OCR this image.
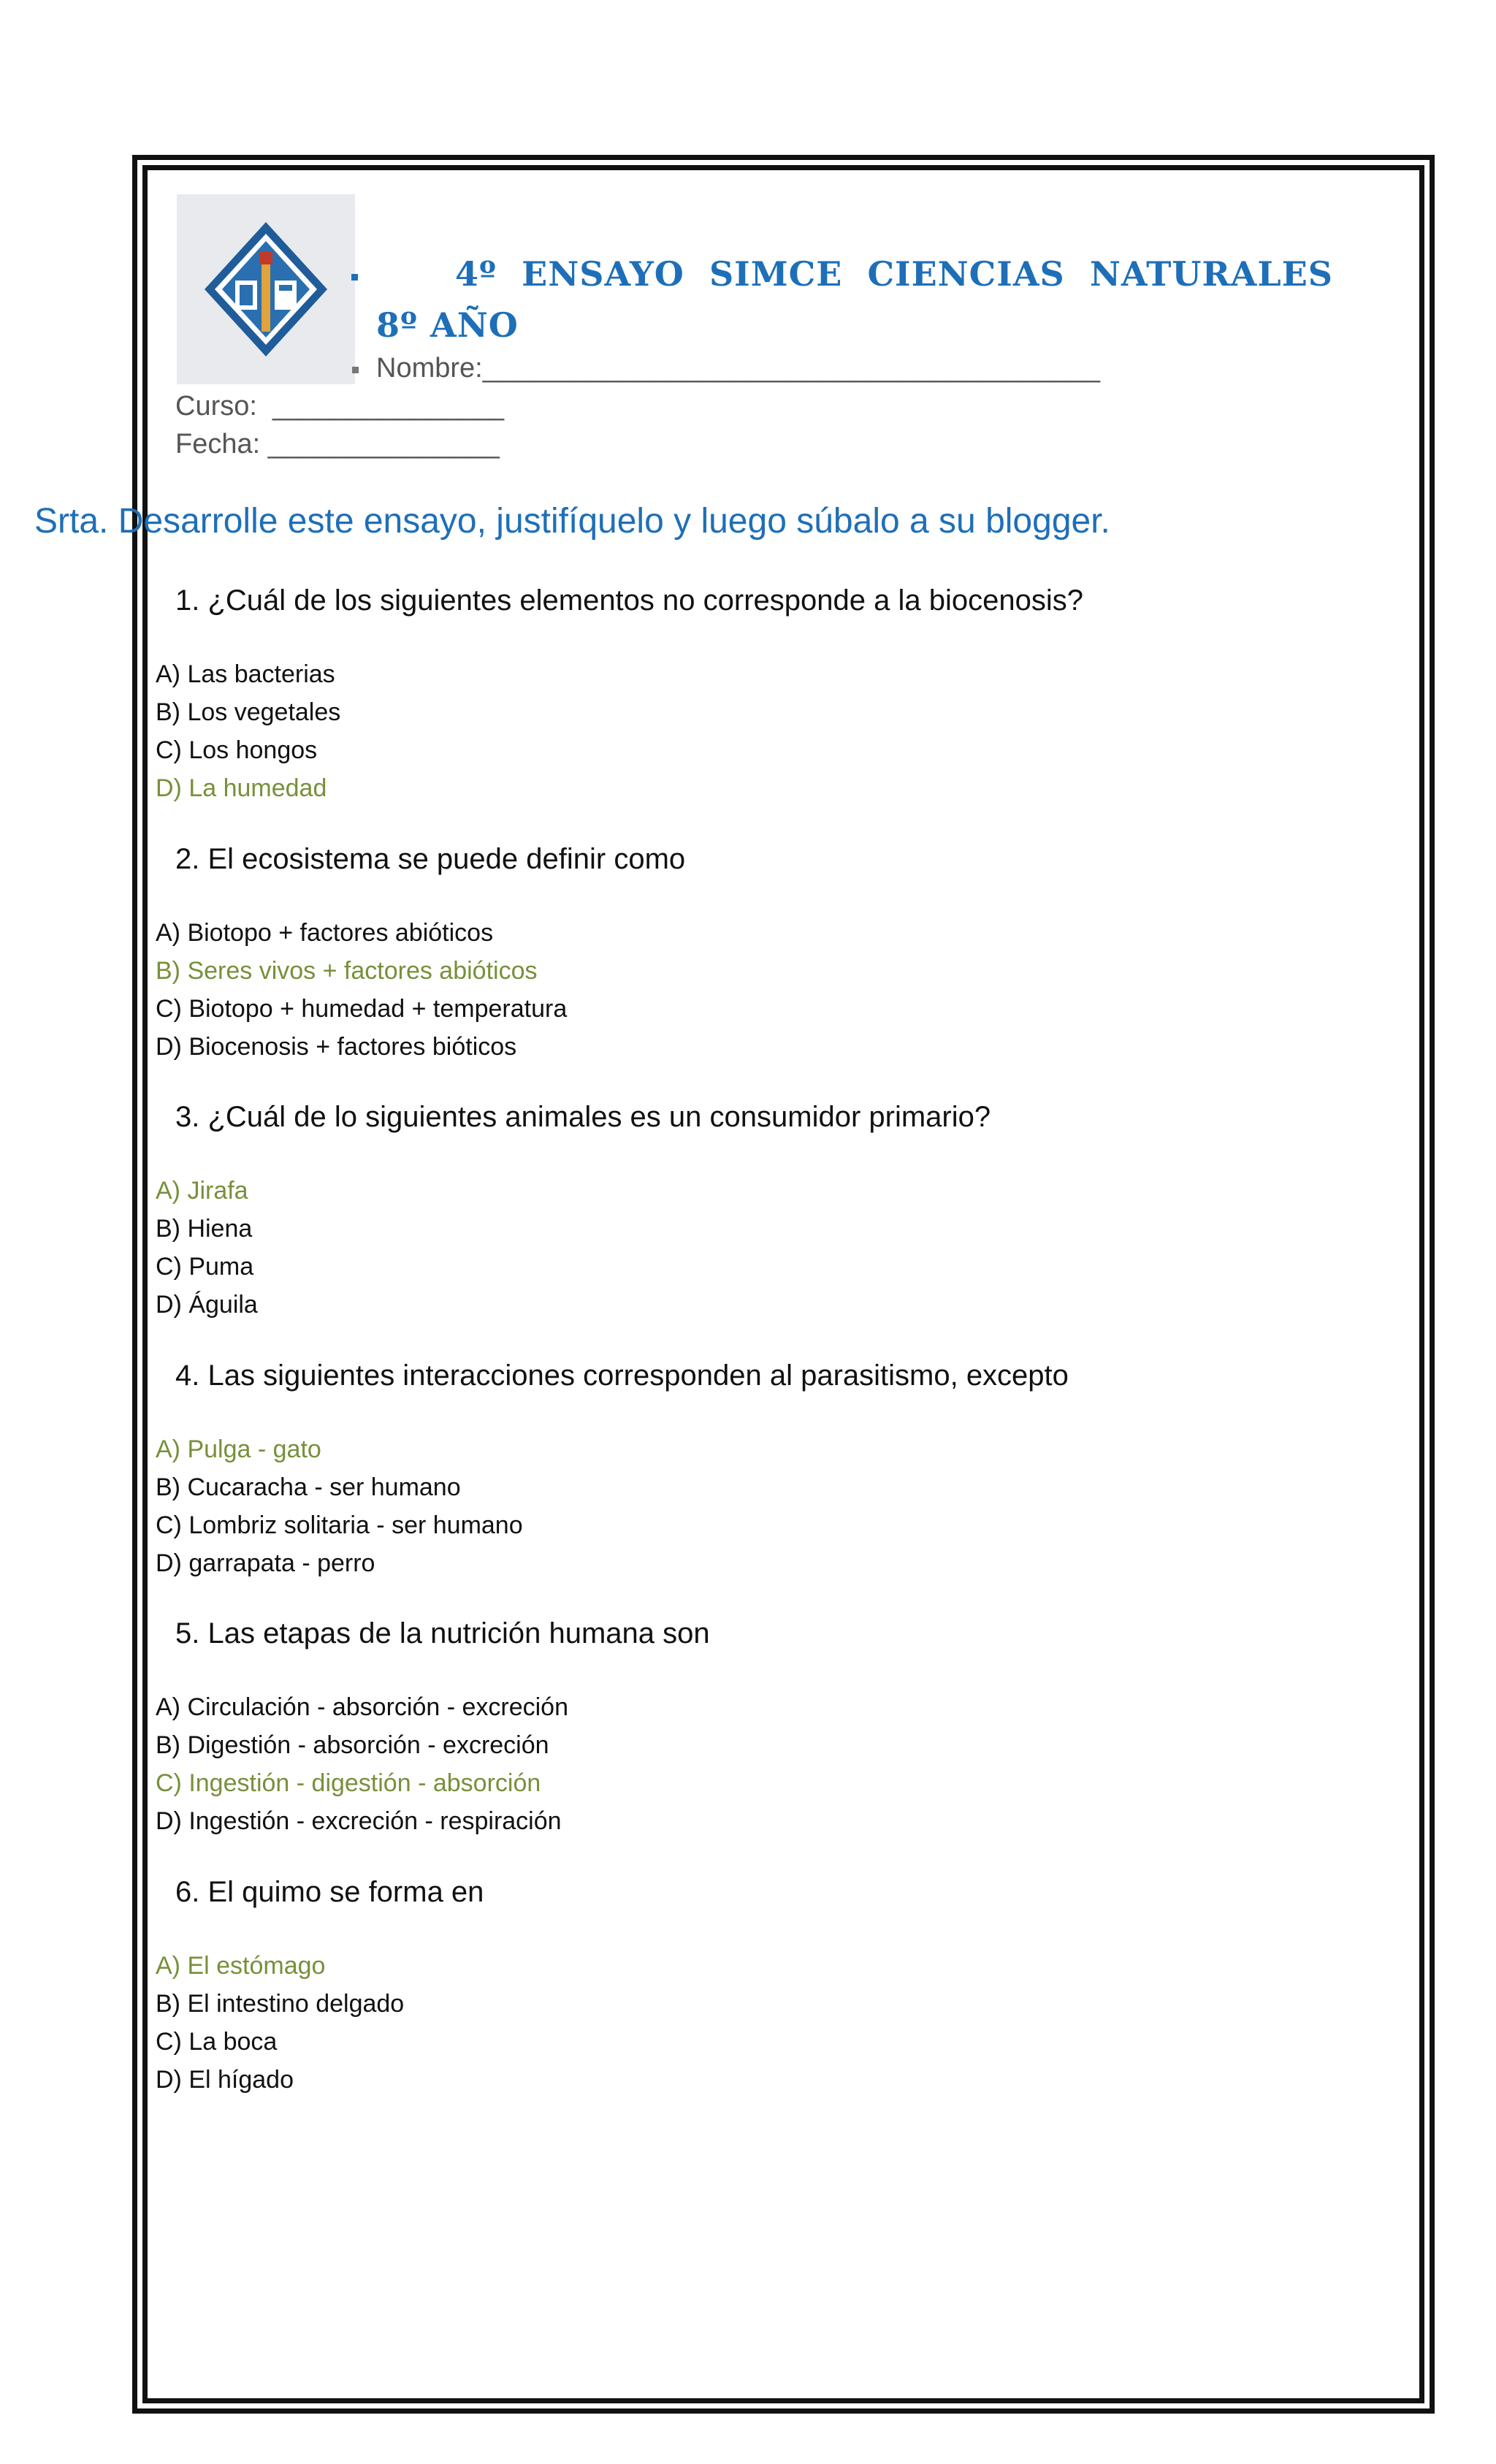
4º ENSAYO SIMCE CIENCIAS NATURALES 8º AÑO
Nombre:________________________________________
Curso:  _______________
Fecha: _______________
Srta. Desarrolle este ensayo, justifíquelo y luego súbalo a su blogger.
1. ¿Cuál de los siguientes elementos no corresponde a la biocenosis?
A) Las bacterias
B) Los vegetales
C) Los hongos
D) La humedad
2. El ecosistema se puede definir como
A) Biotopo + factores abióticos
B) Seres vivos + factores abióticos
C) Biotopo + humedad + temperatura
D) Biocenosis + factores bióticos
3. ¿Cuál de lo siguientes animales es un consumidor primario?
A) Jirafa
B) Hiena
C) Puma
D) Águila
4. Las siguientes interacciones corresponden al parasitismo, excepto
A) Pulga - gato
B) Cucaracha - ser humano
C) Lombriz solitaria - ser humano
D) garrapata - perro
5. Las etapas de la nutrición humana son
A) Circulación - absorción - excreción
B) Digestión - absorción - excreción
C) Ingestión - digestión - absorción
D) Ingestión - excreción - respiración
6. El quimo se forma en
A) El estómago
B) El intestino delgado
C) La boca
D) El hígado
